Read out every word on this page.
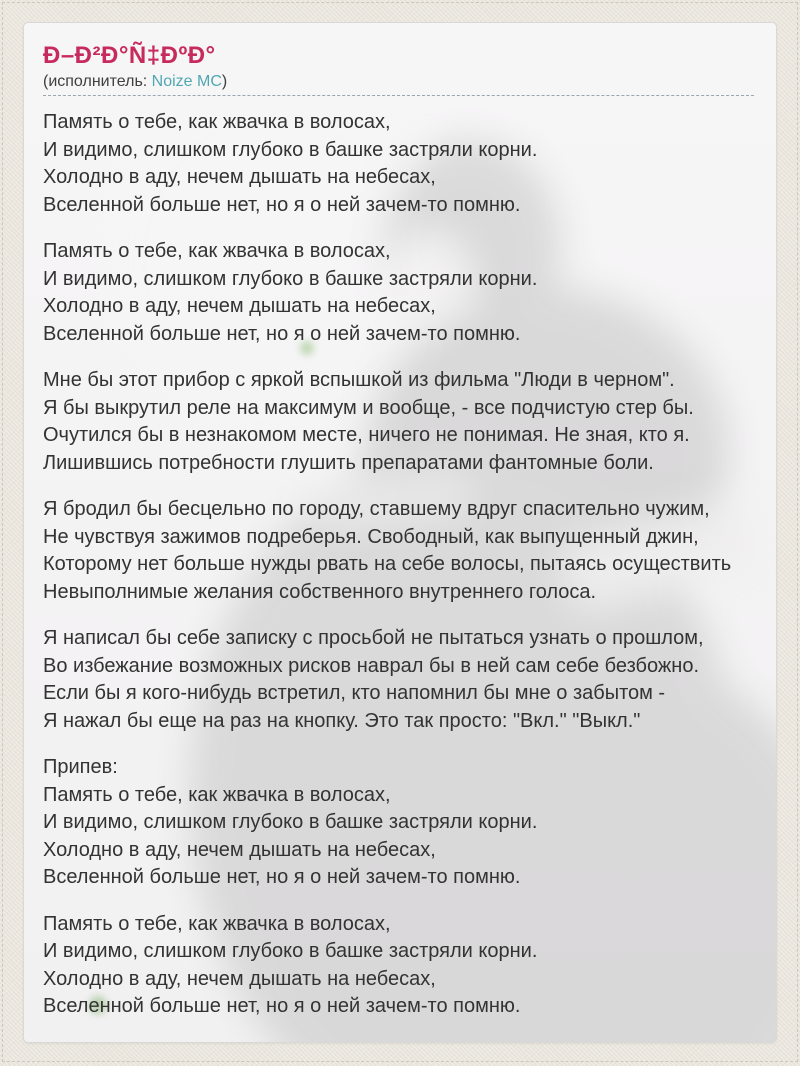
Ð–Ð²Ð°Ñ‡ÐºÐ°
(исполнитель: Noize MC)

Память о тебе, как жвачка в волосах,
И видимо, слишком глубоко в башке застряли корни.
Холодно в аду, нечем дышать на небесах,
Вселенной больше нет, но я о ней зачем-то помню.

Память о тебе, как жвачка в волосах,
И видимо, слишком глубоко в башке застряли корни.
Холодно в аду, нечем дышать на небесах,
Вселенной больше нет, но я о ней зачем-то помню.

Мне бы этот прибор с яркой вспышкой из фильма "Люди в черном".
Я бы выкрутил реле на максимум и вообще, - все подчистую стер бы.
Очутился бы в незнакомом месте, ничего не понимая. Не зная, кто я.
Лишившись потребности глушить препаратами фантомные боли.

Я бродил бы бесцельно по городу, ставшему вдруг спасительно чужим,
Не чувствуя зажимов подреберья. Свободный, как выпущенный джин,
Которому нет больше нужды рвать на себе волосы, пытаясь осуществить
Невыполнимые желания собственного внутреннего голоса.

Я написал бы себе записку с просьбой не пытаться узнать о прошлом,
Во избежание возможных рисков наврал бы в ней сам себе безбожно.
Если бы я кого-нибудь встретил, кто напомнил бы мне о забытом -
Я нажал бы еще на раз на кнопку. Это так просто: "Вкл." "Выкл."

Припев:
Память о тебе, как жвачка в волосах,
И видимо, слишком глубоко в башке застряли корни.
Холодно в аду, нечем дышать на небесах,
Вселенной больше нет, но я о ней зачем-то помню.

Память о тебе, как жвачка в волосах,
И видимо, слишком глубоко в башке застряли корни.
Холодно в аду, нечем дышать на небесах,
Вселенной больше нет, но я о ней зачем-то помню.
